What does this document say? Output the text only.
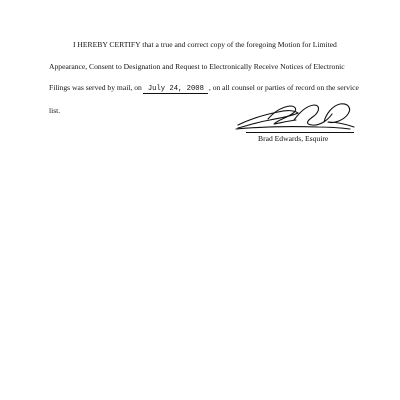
I HEREBY CERTIFY that a true and correct copy of the foregoing Motion for Limited
Appearance, Consent to Designation and Request to Electronically Receive Notices of Electronic
Filings was served by mail, on July 24, 2008 , on all counsel or parties of record on the service
list.
Brad Edwards, Esquire
